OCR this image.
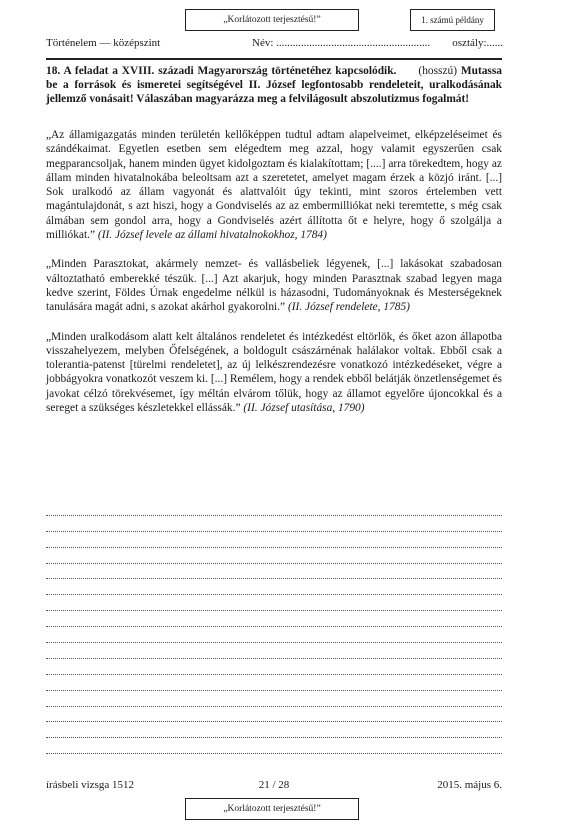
„Korlátozott terjesztésű!”	1. számú példány
Történelem — középszint	Név: ........................................................ osztály:......
18. A feladat a XVIII. századi Magyarország történetéhez kapcsolódik. (hosszú) Mutassa be a források és ismeretei segítségével II. József legfontosabb rendeleteit, uralkodásának jellemző vonásait! Válaszában magyarázza meg a felvilágosult abszolutizmus fogalmát!

„Az államigazgatás minden területén kellőképpen tudtul adtam alapelveimet, elképzeléseimet és szándékaimat. Egyetlen esetben sem elégedtem meg azzal, hogy valamit egyszerűen csak megparancsoljak, hanem minden ügyet kidolgoztam és kialakítottam; [....] arra törekedtem, hogy az állam minden hivatalnokába beleoltsam azt a szeretetet, amelyet magam érzek a közjó iránt. [...] Sok uralkodó az állam vagyonát és alattvalóit úgy tekinti, mint szoros értelemben vett magántulajdonát, s azt hiszi, hogy a Gondviselés az az embermilliókat neki teremtette, s még csak álmában sem gondol arra, hogy a Gondviselés azért állította őt e helyre, hogy ő szolgálja a milliókat.” (II. József levele az állami hivatalnokokhoz, 1784)

„Minden Parasztokat, akármely nemzet- és vallásbeliek légyenek, [...] lakásokat szabadosan változtatható emberekké tészük. [...] Azt akarjuk, hogy minden Parasztnak szabad legyen maga kedve szerint, Földes Úrnak engedelme nélkül is házasodni, Tudományoknak és Mesterségeknek tanulására magát adni, s azokat akárhol gyakorolni.” (II. József rendelete, 1785)

„Minden uralkodásom alatt kelt általános rendeletet és intézkedést eltörlök, és őket azon állapotba visszahelyezem, melyben Őfelségének, a boldogult császárnénak halálakor voltak. Ebből csak a tolerantia-patenst [türelmi rendeletet], az új lelkészrendezésre vonatkozó intézkedéseket, végre a jobbágyokra vonatkozót veszem ki. [...] Remélem, hogy a rendek ebből belátják önzetlenségemet és javokat célzó törekvésemet, így méltán elvárom tőlük, hogy az államot egyelőre újoncokkal és a sereget a szükséges készletekkel ellássák.” (II. József utasítása, 1790)

írásbeli vizsga 1512	21 / 28	2015. május 6.
„Korlátozott terjesztésű!”
